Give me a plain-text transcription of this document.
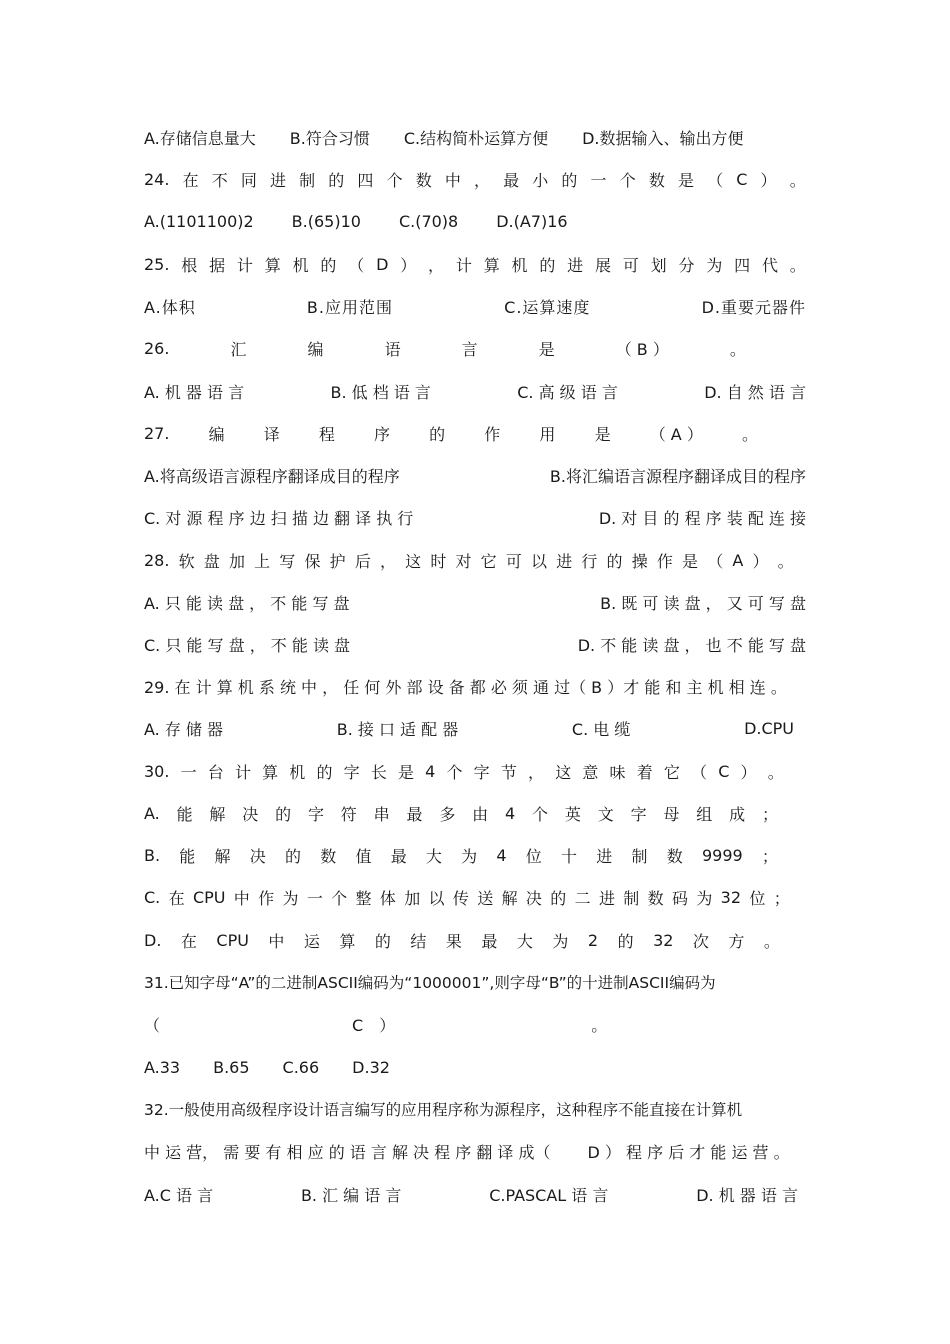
A.存储信息量大 B.符合习惯 C.结构简朴运算方便 D.数据输入、输出方便
24. 在 不 同 进 制 的 四 个 数 中 ， 最 小 的 一 个 数 是 （ C ） 。
A.(1101100)2 B.(65)10 C.(70)8 D.(A7)16
25. 根 据 计 算 机 的 （ D ） ， 计 算 机 的 进 展 可 划 分 为 四 代 。
A.体积	B.应用范围	C.运算速度	D.重要元器件
26.	汇	编	语	言	是	（ B ）	。
A. 机 器 语 言	B. 低 档 语 言	C. 高 级 语 言	D. 自 然 语 言
27. 编 译 程 序 的 作 用 是 （ A ） 。
A.将高级语言源程序翻译成目的程序	B.将汇编语言源程序翻译成目的程序
C. 对 源 程 序 边 扫 描 边 翻 译 执 行	D. 对 目 的 程 序 装 配 连 接
28. 软 盘 加 上 写 保 护 后 ， 这 时 对 它 可 以 进 行 的 操 作 是 （ A ） 。
A. 只 能 读 盘 ， 不 能 写 盘	B. 既 可 读 盘 ， 又 可 写 盘
C. 只 能 写 盘 ， 不 能 读 盘	D. 不 能 读 盘 ， 也 不 能 写 盘
29. 在 计 算 机 系 统 中 ， 任 何 外 部 设 备 都 必 须 通 过（ B ）才 能 和 主 机 相 连 。
A. 存 储 器	B. 接 口 适 配 器	C. 电 缆	D.CPU
30. 一 台 计 算 机 的 字 长 是 4 个 字 节 ， 这 意 味 着 它 （ C ） 。
A. 能 解 决 的 字 符 串 最 多 由 4 个 英 文 字 母 组 成 ；
B. 能 解 决 的 数 值 最 大 为 4 位 十 进 制 数 9999 ；
C. 在 CPU 中 作 为 一 个 整 体 加 以 传 送 解 决 的 二 进 制 数 码 为 32 位 ；
D. 在 CPU 中 运 算 的 结 果 最 大 为 2 的 32 次 方 。
31.已知字母“A”的二进制ASCII编码为“1000001”,则字母“B”的十进制ASCII编码为
（	C　）	。
A.33 B.65 C.66 D.32
32.一般使用高级程序设计语言编写的应用程序称为源程序，这种程序不能直接在计算机
中 运 营， 需 要 有 相 应 的 语 言 解 决 程 序 翻 译 成（　　 D ） 程 序 后 才 能 运 营 。
A.C 语 言	B. 汇 编 语 言	C.PASCAL 语 言	D. 机 器 语 言
